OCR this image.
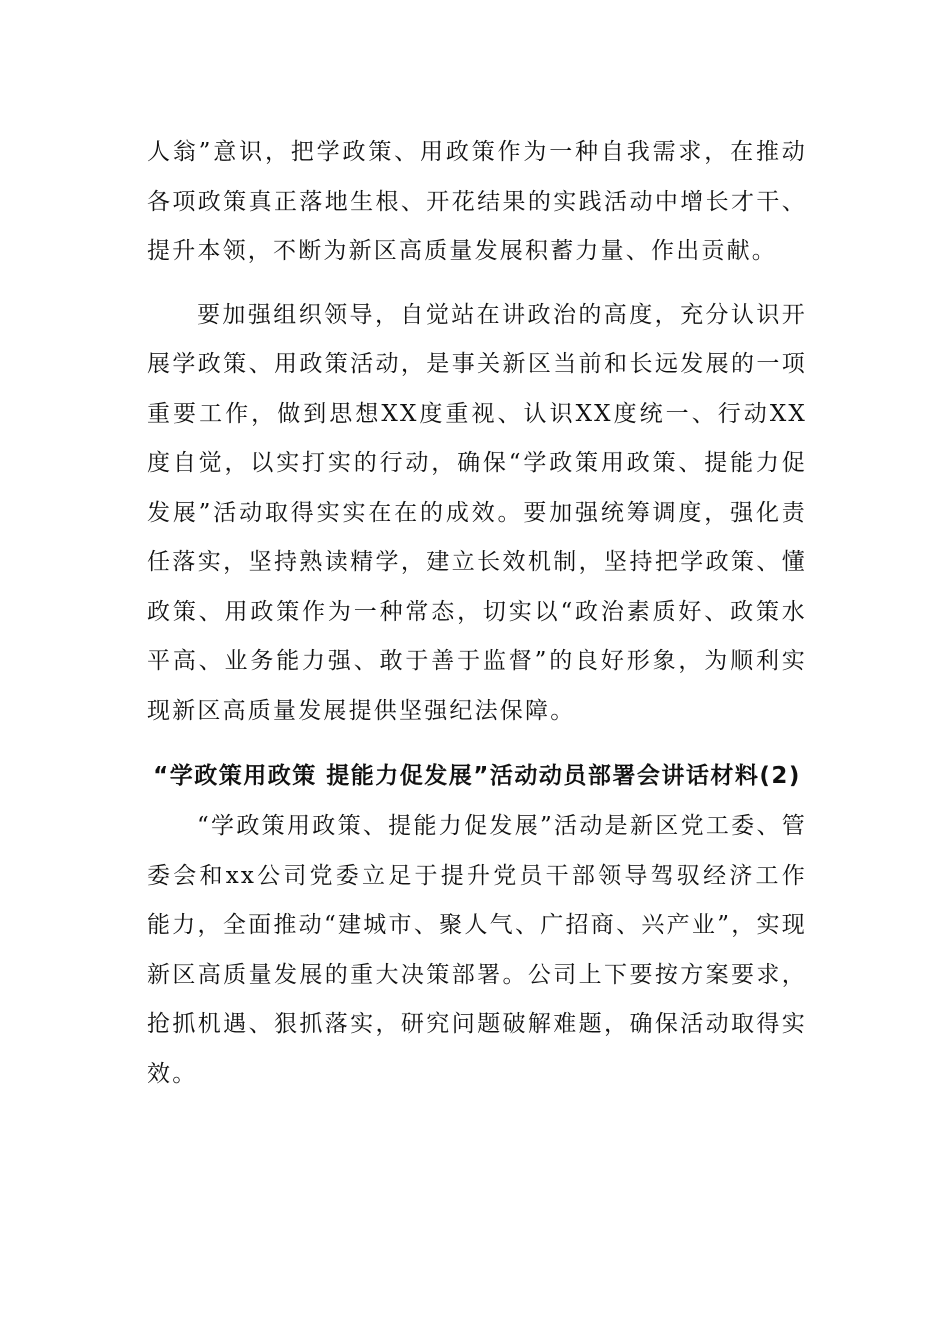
人翁”意识，把学政策、用政策作为一种自我需求，在推动各项政策真正落地生根、开花结果的实践活动中增长才干、提升本领，不断为新区高质量发展积蓄力量、作出贡献。

要加强组织领导，自觉站在讲政治的高度，充分认识开展学政策、用政策活动，是事关新区当前和长远发展的一项重要工作，做到思想XX度重视、认识XX度统一、行动XX度自觉，以实打实的行动，确保“学政策用政策、提能力促发展”活动取得实实在在的成效。要加强统筹调度，强化责任落实，坚持熟读精学，建立长效机制，坚持把学政策、懂政策、用政策作为一种常态，切实以“政治素质好、政策水平高、业务能力强、敢于善于监督”的良好形象，为顺利实现新区高质量发展提供坚强纪法保障。

“学政策用政策 提能力促发展”活动动员部署会讲话材料(2)

“学政策用政策、提能力促发展”活动是新区党工委、管委会和xx公司党委立足于提升党员干部领导驾驭经济工作能力，全面推动“建城市、聚人气、广招商、兴产业”，实现新区高质量发展的重大决策部署。公司上下要按方案要求，抢抓机遇、狠抓落实，研究问题破解难题，确保活动取得实效。
